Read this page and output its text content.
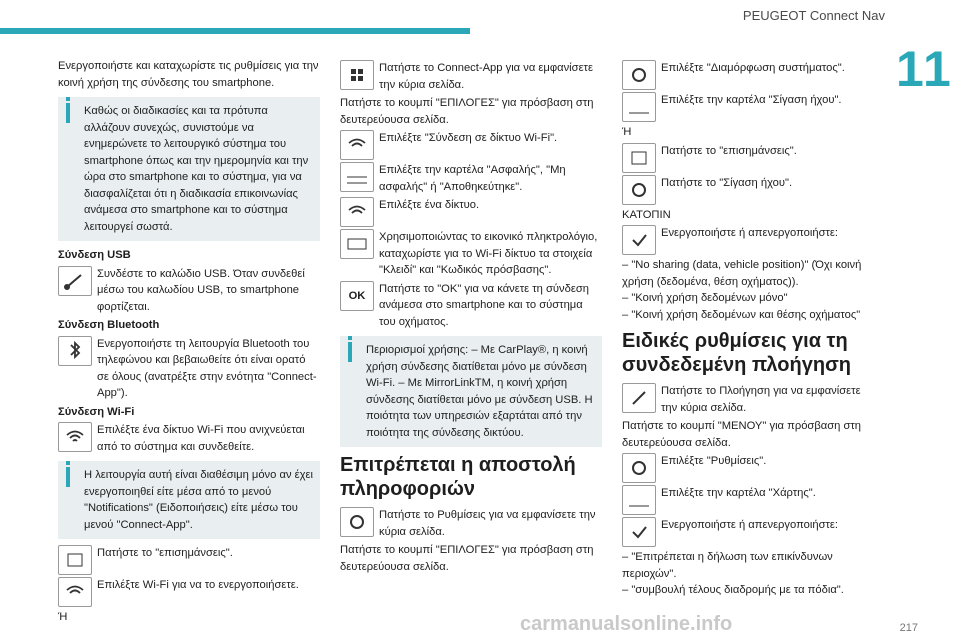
PEUGEOT Connect Nav
11

Ενεργοποιήστε και καταχωρίστε τις ρυθμίσεις για την κοινή χρήση της σύνδεσης του smartphone.

Καθώς οι διαδικασίες και τα πρότυπα αλλάζουν συνεχώς, συνιστούμε να ενημερώνετε το λειτουργικό σύστημα του smartphone όπως και την ημερομηνία και την ώρα στο smartphone και το σύστημα, για να διασφαλίζεται ότι η διαδικασία επικοινωνίας ανάμεσα στο smartphone και το σύστημα λειτουργεί σωστά.

Σύνδεση USB

Συνδέστε το καλώδιο USB. Όταν συνδεθεί μέσω του καλωδίου USB, το smartphone φορτίζεται.

Σύνδεση Bluetooth

Ενεργοποιήστε τη λειτουργία Bluetooth του τηλεφώνου και βεβαιωθείτε ότι είναι ορατό σε όλους (ανατρέξτε στην ενότητα "Connect-App").

Σύνδεση Wi-Fi

Επιλέξτε ένα δίκτυο Wi-Fi που ανιχνεύεται από το σύστημα και συνδεθείτε.

Η λειτουργία αυτή είναι διαθέσιμη μόνο αν έχει ενεργοποιηθεί είτε μέσα από το μενού "Notifications" (Ειδοποιήσεις) είτε μέσω του μενού "Connect-App".

Πατήστε το "επισημάνσεις".
Επιλέξτε Wi-Fi για να το ενεργοποιήσετε.

Ή

Πατήστε το Connect-App για να εμφανίσετε την κύρια σελίδα.

Πατήστε το κουμπί "ΕΠΙΛΟΓΕΣ" για πρόσβαση στη δευτερεύουσα σελίδα.

Επιλέξτε "Σύνδεση σε δίκτυο Wi-Fi".
Επιλέξτε την καρτέλα "Ασφαλής", "Μη ασφαλής" ή "Αποθηκεύτηκε".
Επιλέξτε ένα δίκτυο.
Χρησιμοποιώντας το εικονικό πληκτρολόγιο, καταχωρίστε για το Wi-Fi δίκτυο τα στοιχεία "Κλειδί" και "Κωδικός πρόσβασης".
OK
Πατήστε το "OK" για να κάνετε τη σύνδεση ανάμεσα στο smartphone και το σύστημα του οχήματος.

Περιορισμοί χρήσης: – Με CarPlay®, η κοινή χρήση σύνδεσης διατίθεται μόνο με σύνδεση Wi-Fi. – Με MirrorLinkTM, η κοινή χρήση σύνδεσης διατίθεται μόνο με σύνδεση USB. Η ποιότητα των υπηρεσιών εξαρτάται από την ποιότητα της σύνδεσης δικτύου.

Επιτρέπεται η αποστολή πληροφοριών
Πατήστε το Ρυθμίσεις για να εμφανίσετε την κύρια σελίδα.

Πατήστε το κουμπί "ΕΠΙΛΟΓΕΣ" για πρόσβαση στη δευτερεύουσα σελίδα.

Επιλέξτε "Διαμόρφωση συστήματος".
Επιλέξτε την καρτέλα "Σίγαση ήχου".

Ή

Πατήστε το "επισημάνσεις".
Πατήστε το "Σίγαση ήχου".

ΚΑΤΟΠΙΝ

Ενεργοποιήστε ή απενεργοποιήστε:

– "No sharing (data, vehicle position)" (Όχι κοινή χρήση (δεδομένα, θέση οχήματος)).

– "Κοινή χρήση δεδομένων μόνο"

– "Κοινή χρήση δεδομένων και θέσης οχήματος"

Ειδικές ρυθμίσεις για τη συνδεδεμένη πλοήγηση
Πατήστε το Πλοήγηση για να εμφανίσετε την κύρια σελίδα.

Πατήστε το κουμπί "ΜΕΝΟΥ" για πρόσβαση στη δευτερεύουσα σελίδα.

Επιλέξτε "Ρυθμίσεις".
Επιλέξτε την καρτέλα "Χάρτης".
Ενεργοποιήστε ή απενεργοποιήστε:

– "Επιτρέπεται η δήλωση των επικίνδυνων περιοχών".

– "συμβουλή τέλους διαδρομής με τα πόδια".

carmanualsonline.info	217
